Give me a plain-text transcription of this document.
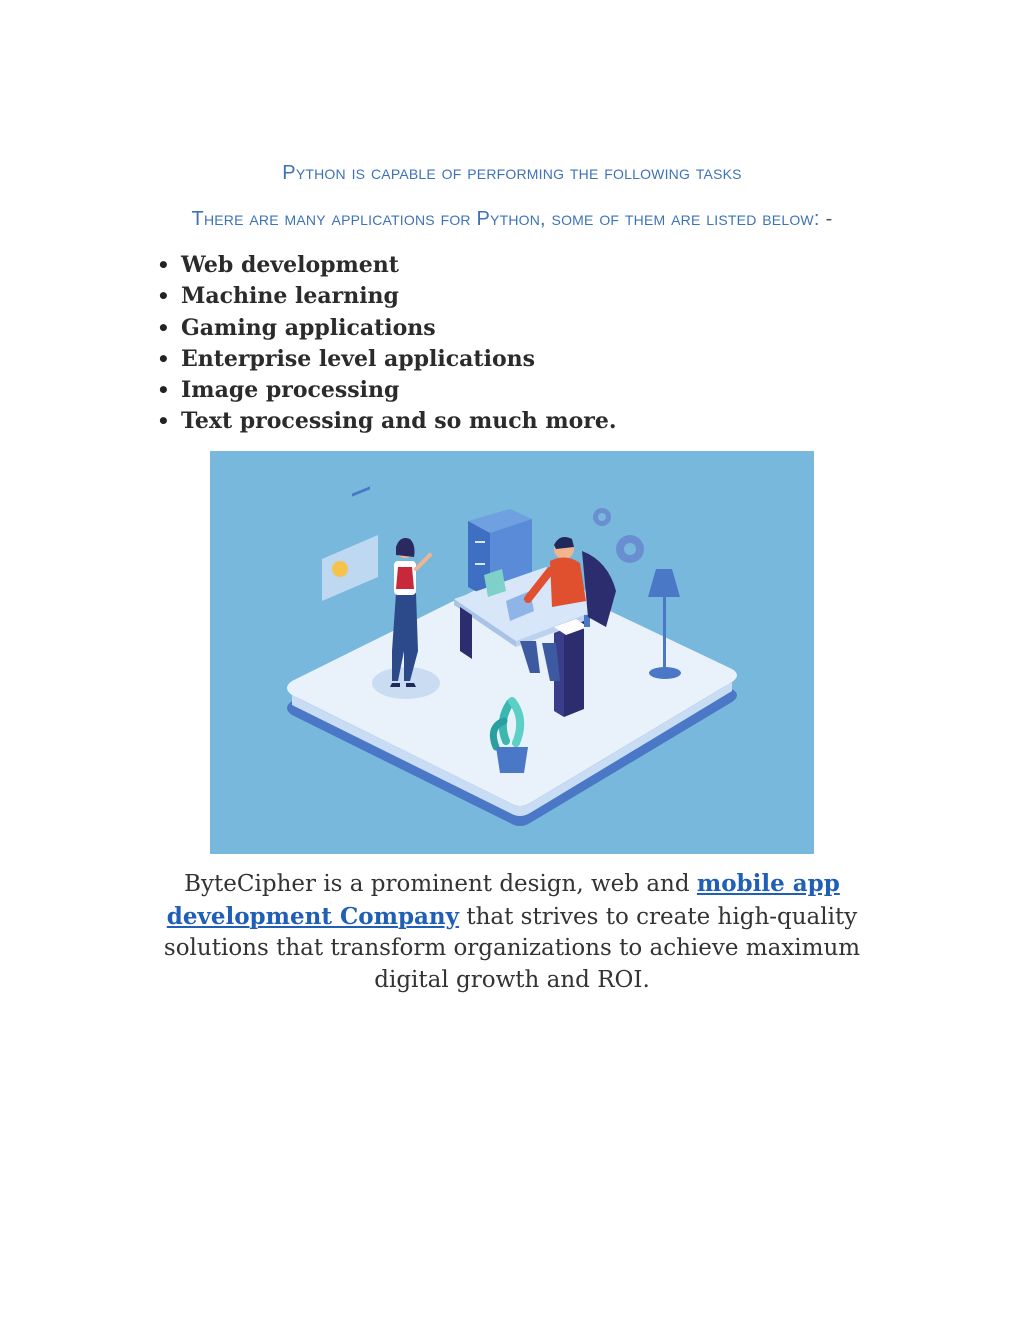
Python is capable of performing the following tasks
There are many applications for Python, some of them are listed below: -
• Web development
• Machine learning
• Gaming applications
• Enterprise level applications
• Image processing
• Text processing and so much more.

ByteCipher is a prominent design, web and mobile app development Company that strives to create high-quality solutions that transform organizations to achieve maximum digital growth and ROI.
